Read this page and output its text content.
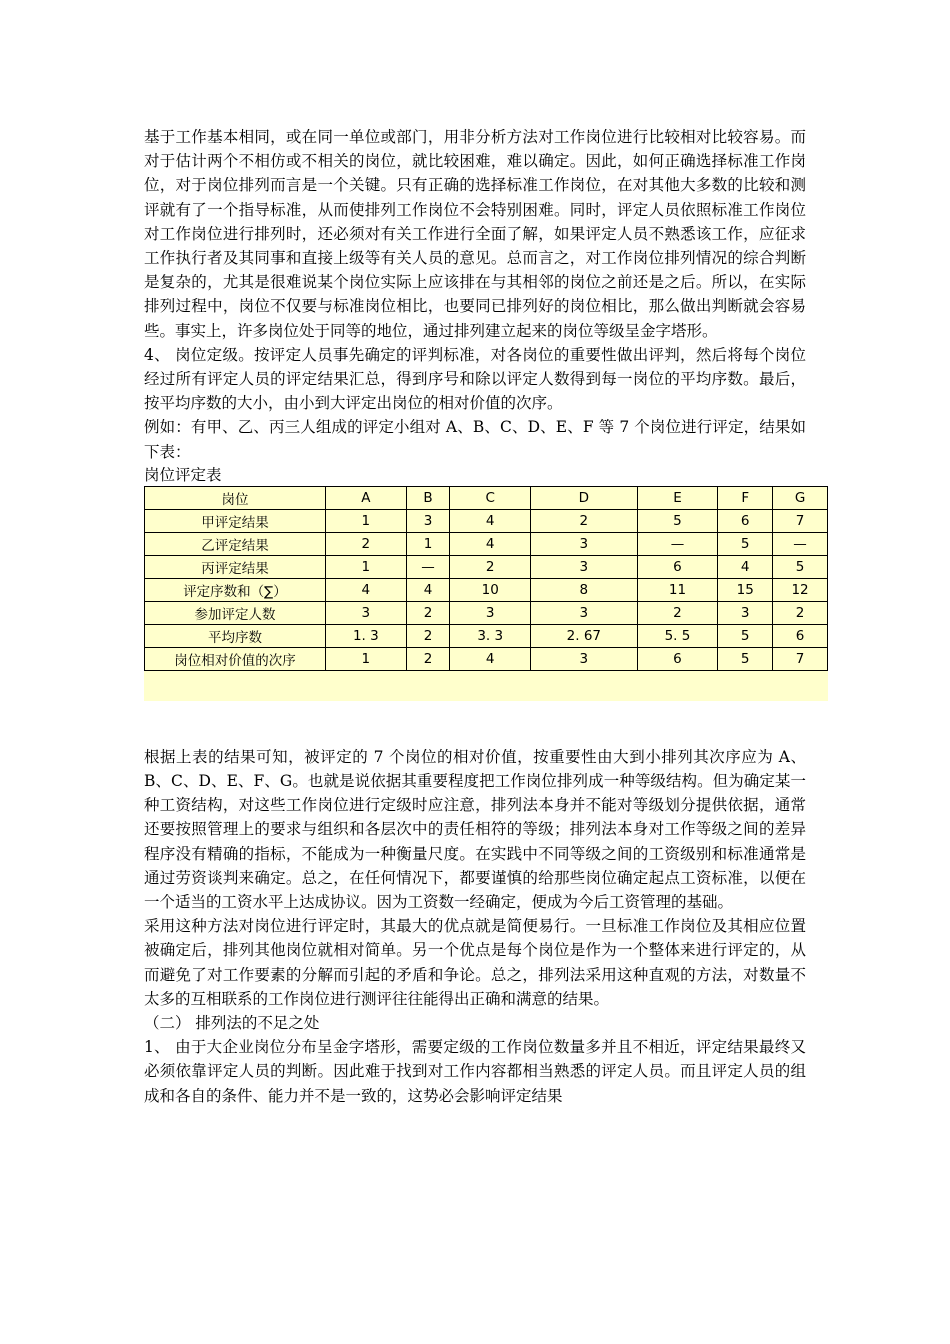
基于工作基本相同，或在同一单位或部门，用非分析方法对工作岗位进行比较相对比较容易。而对于估计两个不相仿或不相关的岗位，就比较困难，难以确定。因此，如何正确选择标准工作岗位，对于岗位排列而言是一个关键。只有正确的选择标准工作岗位，在对其他大多数的比较和测评就有了一个指导标准，从而使排列工作岗位不会特别困难。同时，评定人员依照标准工作岗位对工作岗位进行排列时，还必须对有关工作进行全面了解，如果评定人员不熟悉该工作，应征求工作执行者及其同事和直接上级等有关人员的意见。总而言之，对工作岗位排列情况的综合判断是复杂的，尤其是很难说某个岗位实际上应该排在与其相邻的岗位之前还是之后。所以，在实际排列过程中，岗位不仅要与标准岗位相比，也要同已排列好的岗位相比，那么做出判断就会容易些。事实上，许多岗位处于同等的地位，通过排列建立起来的岗位等级呈金字塔形。

4、 岗位定级。按评定人员事先确定的评判标准，对各岗位的重要性做出评判，然后将每个岗位经过所有评定人员的评定结果汇总，得到序号和除以评定人数得到每一岗位的平均序数。最后，按平均序数的大小，由小到大评定出岗位的相对价值的次序。

例如：有甲、乙、丙三人组成的评定小组对 A、B、C、D、E、F 等 7 个岗位进行评定，结果如下表：

岗位评定表

岗位	A	B	C	D	E	F	G
甲评定结果	1	3	4	2	5	6	7
乙评定结果	2	1	4	3	—	5	—
丙评定结果	1	—	2	3	6	4	5
评定序数和（∑）	4	4	10	8	11	15	12
参加评定人数	3	2	3	3	2	3	2
平均序数	1. 3	2	3. 3	2. 67	5. 5	5	6
岗位相对价值的次序	1	2	4	3	6	5	7

根据上表的结果可知，被评定的 7 个岗位的相对价值，按重要性由大到小排列其次序应为 A、B、C、D、E、F、G。也就是说依据其重要程度把工作岗位排列成一种等级结构。但为确定某一种工资结构，对这些工作岗位进行定级时应注意，排列法本身并不能对等级划分提供依据，通常还要按照管理上的要求与组织和各层次中的责任相符的等级；排列法本身对工作等级之间的差异程序没有精确的指标，不能成为一种衡量尺度。在实践中不同等级之间的工资级别和标准通常是通过劳资谈判来确定。总之，在任何情况下，都要谨慎的给那些岗位确定起点工资标准，以便在一个适当的工资水平上达成协议。因为工资数一经确定，便成为今后工资管理的基础。

采用这种方法对岗位进行评定时，其最大的优点就是简便易行。一旦标准工作岗位及其相应位置被确定后，排列其他岗位就相对简单。另一个优点是每个岗位是作为一个整体来进行评定的，从而避免了对工作要素的分解而引起的矛盾和争论。总之，排列法采用这种直观的方法，对数量不太多的互相联系的工作岗位进行测评往往能得出正确和满意的结果。

（二） 排列法的不足之处

1、 由于大企业岗位分布呈金字塔形，需要定级的工作岗位数量多并且不相近，评定结果最终又必须依靠评定人员的判断。因此难于找到对工作内容都相当熟悉的评定人员。而且评定人员的组成和各自的条件、能力并不是一致的，这势必会影响评定结果
